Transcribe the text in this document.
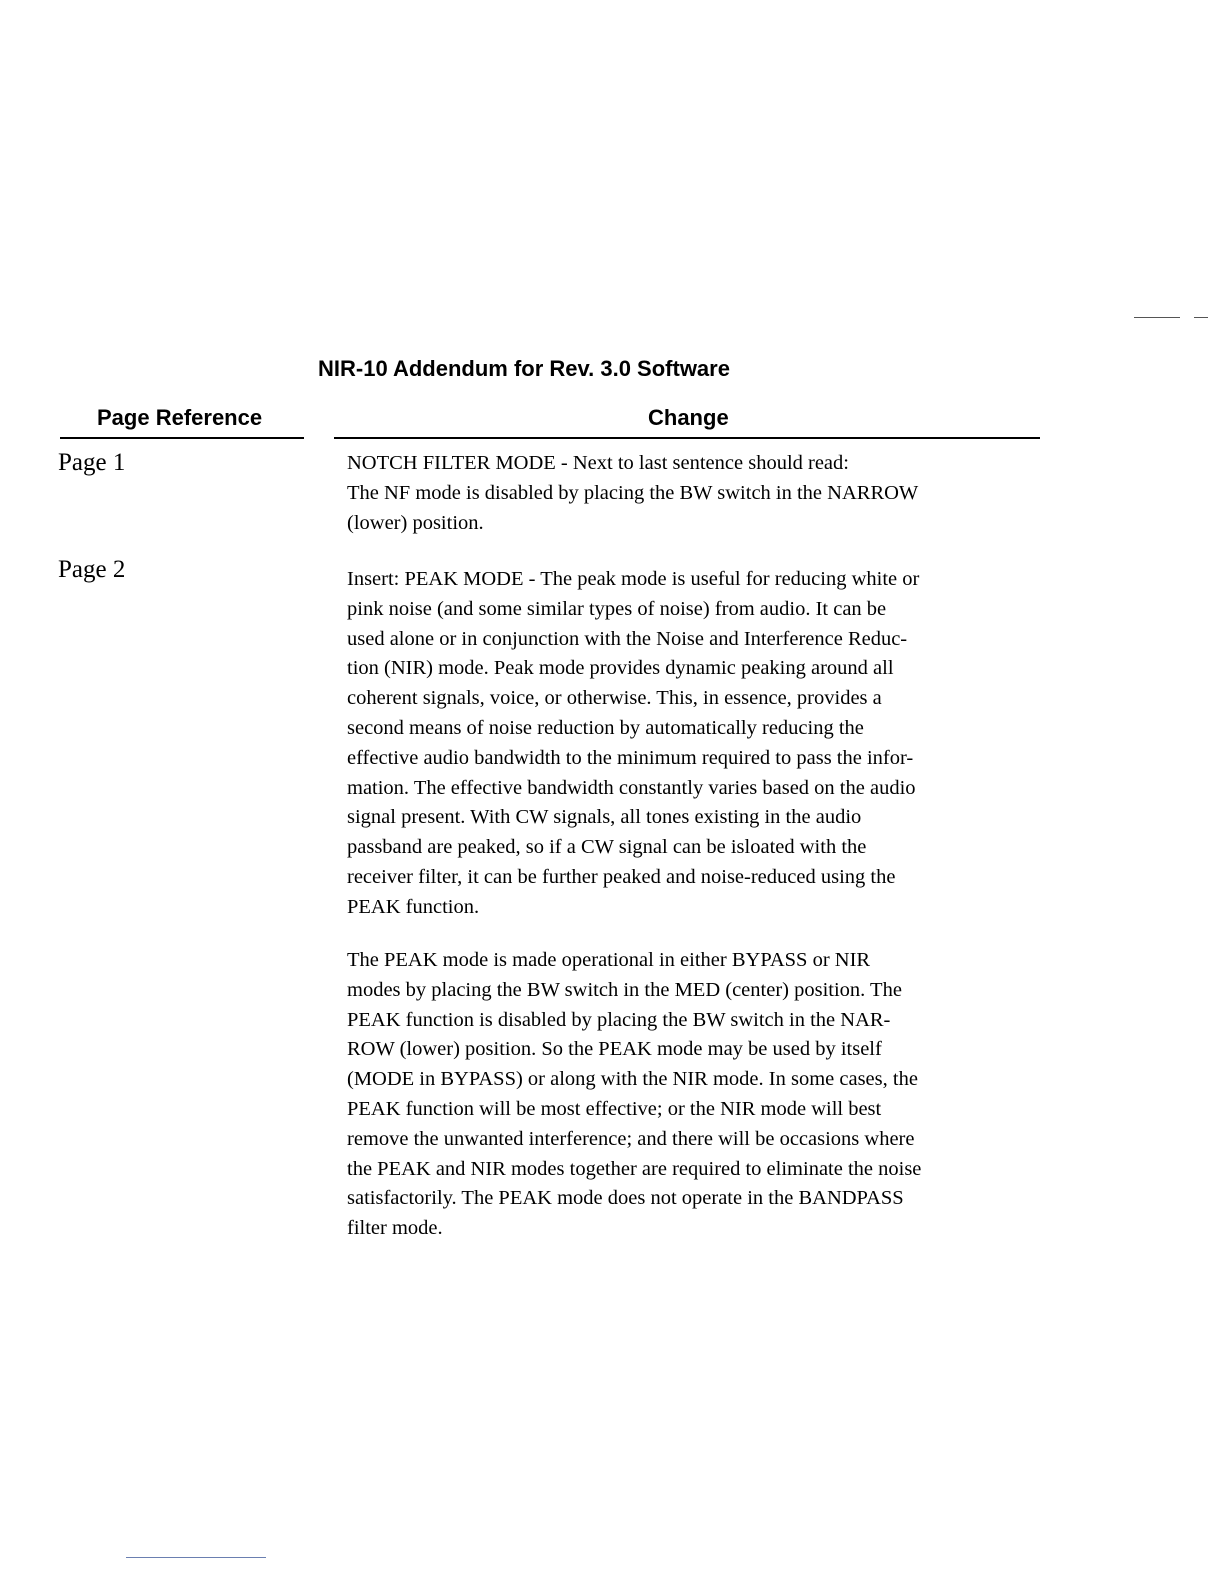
NIR-10 Addendum for Rev. 3.0 Software
Page Reference	Change
Page 1	NOTCH FILTER MODE - Next to last sentence should read:
The NF mode is disabled by placing the BW switch in the NARROW
(lower) position.

Page 2	Insert: PEAK MODE - The peak mode is useful for reducing white or
pink noise (and some similar types of noise) from audio. It can be
used alone or in conjunction with the Noise and Interference Reduc-
tion (NIR) mode. Peak mode provides dynamic peaking around all
coherent signals, voice, or otherwise. This, in essence, provides a
second means of noise reduction by automatically reducing the
effective audio bandwidth to the minimum required to pass the infor-
mation. The effective bandwidth constantly varies based on the audio
signal present. With CW signals, all tones existing in the audio
passband are peaked, so if a CW signal can be isloated with the
receiver filter, it can be further peaked and noise-reduced using the
PEAK function.

The PEAK mode is made operational in either BYPASS or NIR
modes by placing the BW switch in the MED (center) position. The
PEAK function is disabled by placing the BW switch in the NAR-
ROW (lower) position. So the PEAK mode may be used by itself
(MODE in BYPASS) or along with the NIR mode. In some cases, the
PEAK function will be most effective; or the NIR mode will best
remove the unwanted interference; and there will be occasions where
the PEAK and NIR modes together are required to eliminate the noise
satisfactorily. The PEAK mode does not operate in the BANDPASS
filter mode.
